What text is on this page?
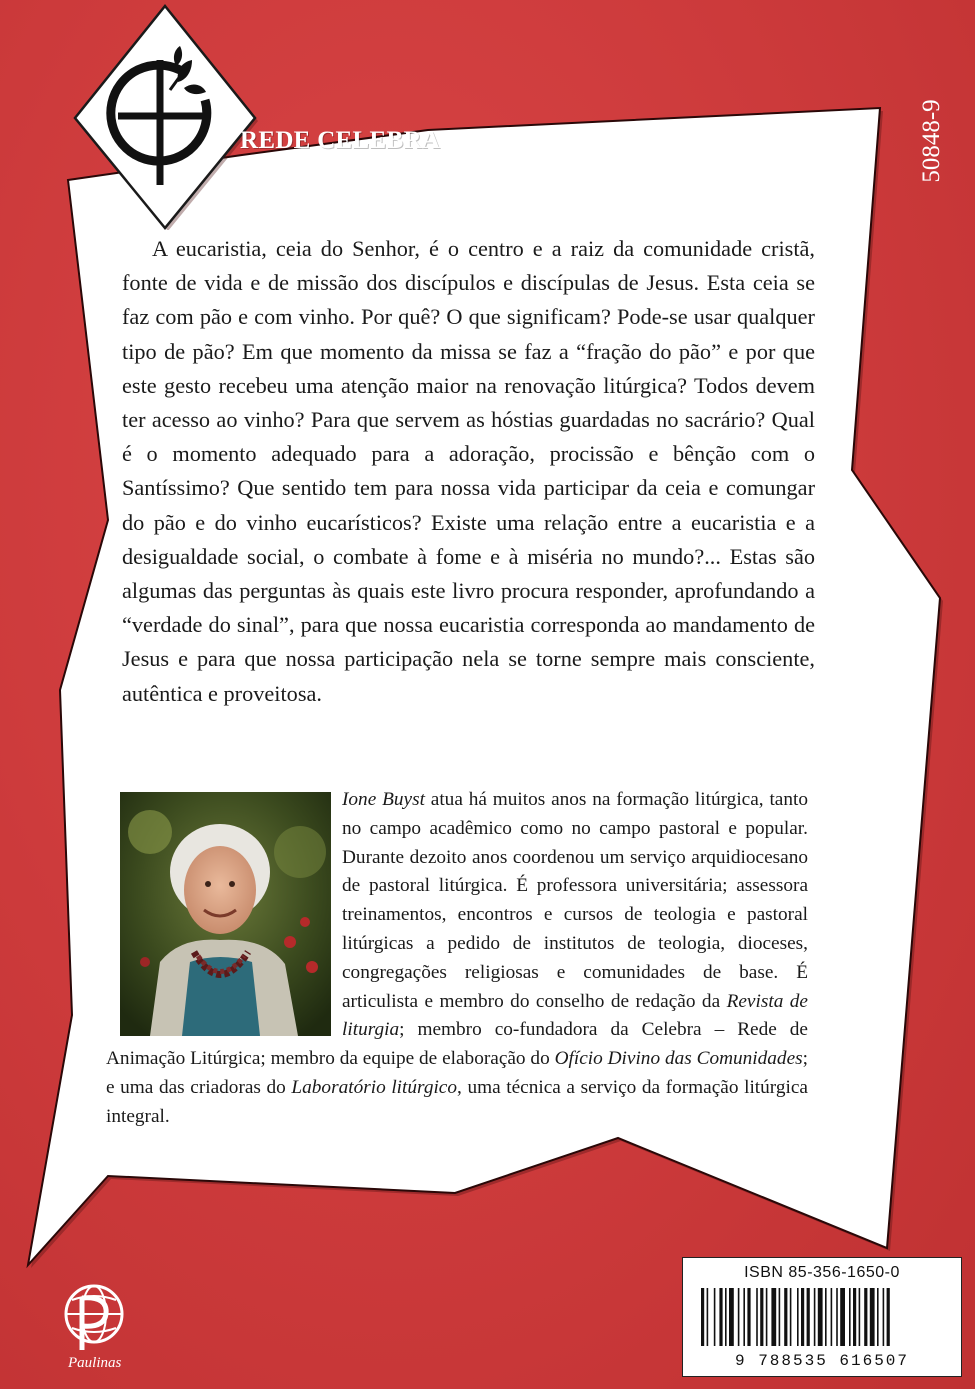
REDE CELEBRA	50848-9

A eucaristia, ceia do Senhor, é o centro e a raiz da comunidade cristã, fonte de vida e de missão dos discípulos e discípulas de Jesus. Esta ceia se faz com pão e com vinho. Por quê? O que significam? Pode-se usar qualquer tipo de pão? Em que momento da missa se faz a “fração do pão” e por que este gesto recebeu uma atenção maior na renovação litúrgica? Todos devem ter acesso ao vinho? Para que servem as hóstias guardadas no sacrário? Qual é o momento adequado para a adoração, procissão e bênção com o Santíssimo? Que sentido tem para nossa vida participar da ceia e comungar do pão e do vinho eucarísticos? Existe uma relação entre a eucaristia e a desigualdade social, o combate à fome e à miséria no mundo?... Estas são algumas das perguntas às quais este livro procura responder, aprofundando a “verdade do sinal”, para que nossa eucaristia corresponda ao mandamento de Jesus e para que nossa participação nela se torne sempre mais consciente, autêntica e proveitosa.

Ione Buyst atua há muitos anos na formação litúrgica, tanto no campo acadêmico como no campo pastoral e popular. Durante dezoito anos coordenou um serviço arquidiocesano de pastoral litúrgica. É professora universitária; assessora treinamentos, encontros e cursos de teologia e pastoral litúrgicas a pedido de institutos de teologia, dioceses, congregações religiosas e comunidades de base. É articulista e membro do conselho de redação da Revista de liturgia; membro co-fundadora da Celebra – Rede de Animação Litúrgica; membro da equipe de elaboração do Ofício Divino das Comunidades; e uma das criadoras do Laboratório litúrgico, uma técnica a serviço da formação litúrgica integral.

ISBN 85-356-1650-0
9 788535 616507
Paulinas
